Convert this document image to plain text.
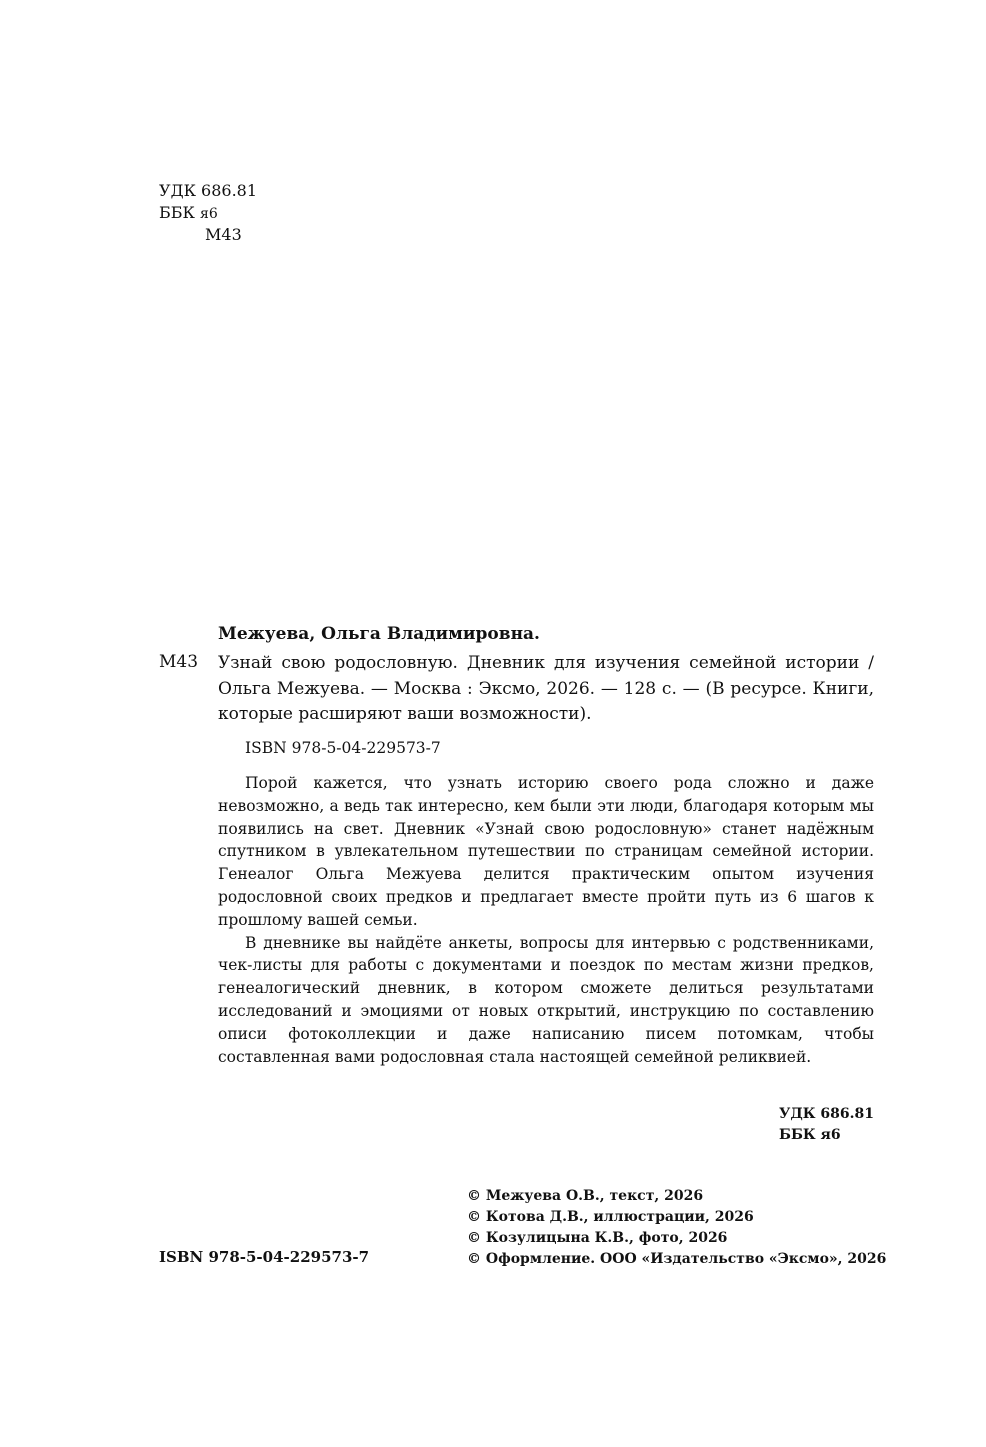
УДК 686.81
ББК я6
М43
Межуева, Ольга Владимировна.
М43 Узнай свою родословную. Дневник для изучения семейной истории / Ольга Межуева. — Москва : Эксмо, 2026. — 128 с. — (В ресурсе. Книги, которые расширяют ваши возможности).
ISBN 978-5-04-229573-7

Порой кажется, что узнать историю своего рода сложно и даже невозможно, а ведь так интересно, кем были эти люди, благодаря которым мы появились на свет. Дневник «Узнай свою родословную» станет надёжным спутником в увлекательном путешествии по страницам семейной истории. Генеалог Ольга Межуева делится практическим опытом изучения родословной своих предков и предлагает вместе пройти путь из 6 шагов к прошлому вашей семьи.

В дневнике вы найдёте анкеты, вопросы для интервью с родственниками, чек-листы для работы с документами и поездок по местам жизни предков, генеалогический дневник, в котором сможете делиться результатами исследований и эмоциями от новых открытий, инструкцию по составлению описи фотоколлекции и даже написанию писем потомкам, чтобы составленная вами родословная стала настоящей семейной реликвией.

УДК 686.81
ББК я6
© Межуева О.В., текст, 2026
© Котова Д.В., иллюстрации, 2026
© Козулицына К.В., фото, 2026
© Оформление. ООО «Издательство «Эксмо», 2026
ISBN 978-5-04-229573-7
